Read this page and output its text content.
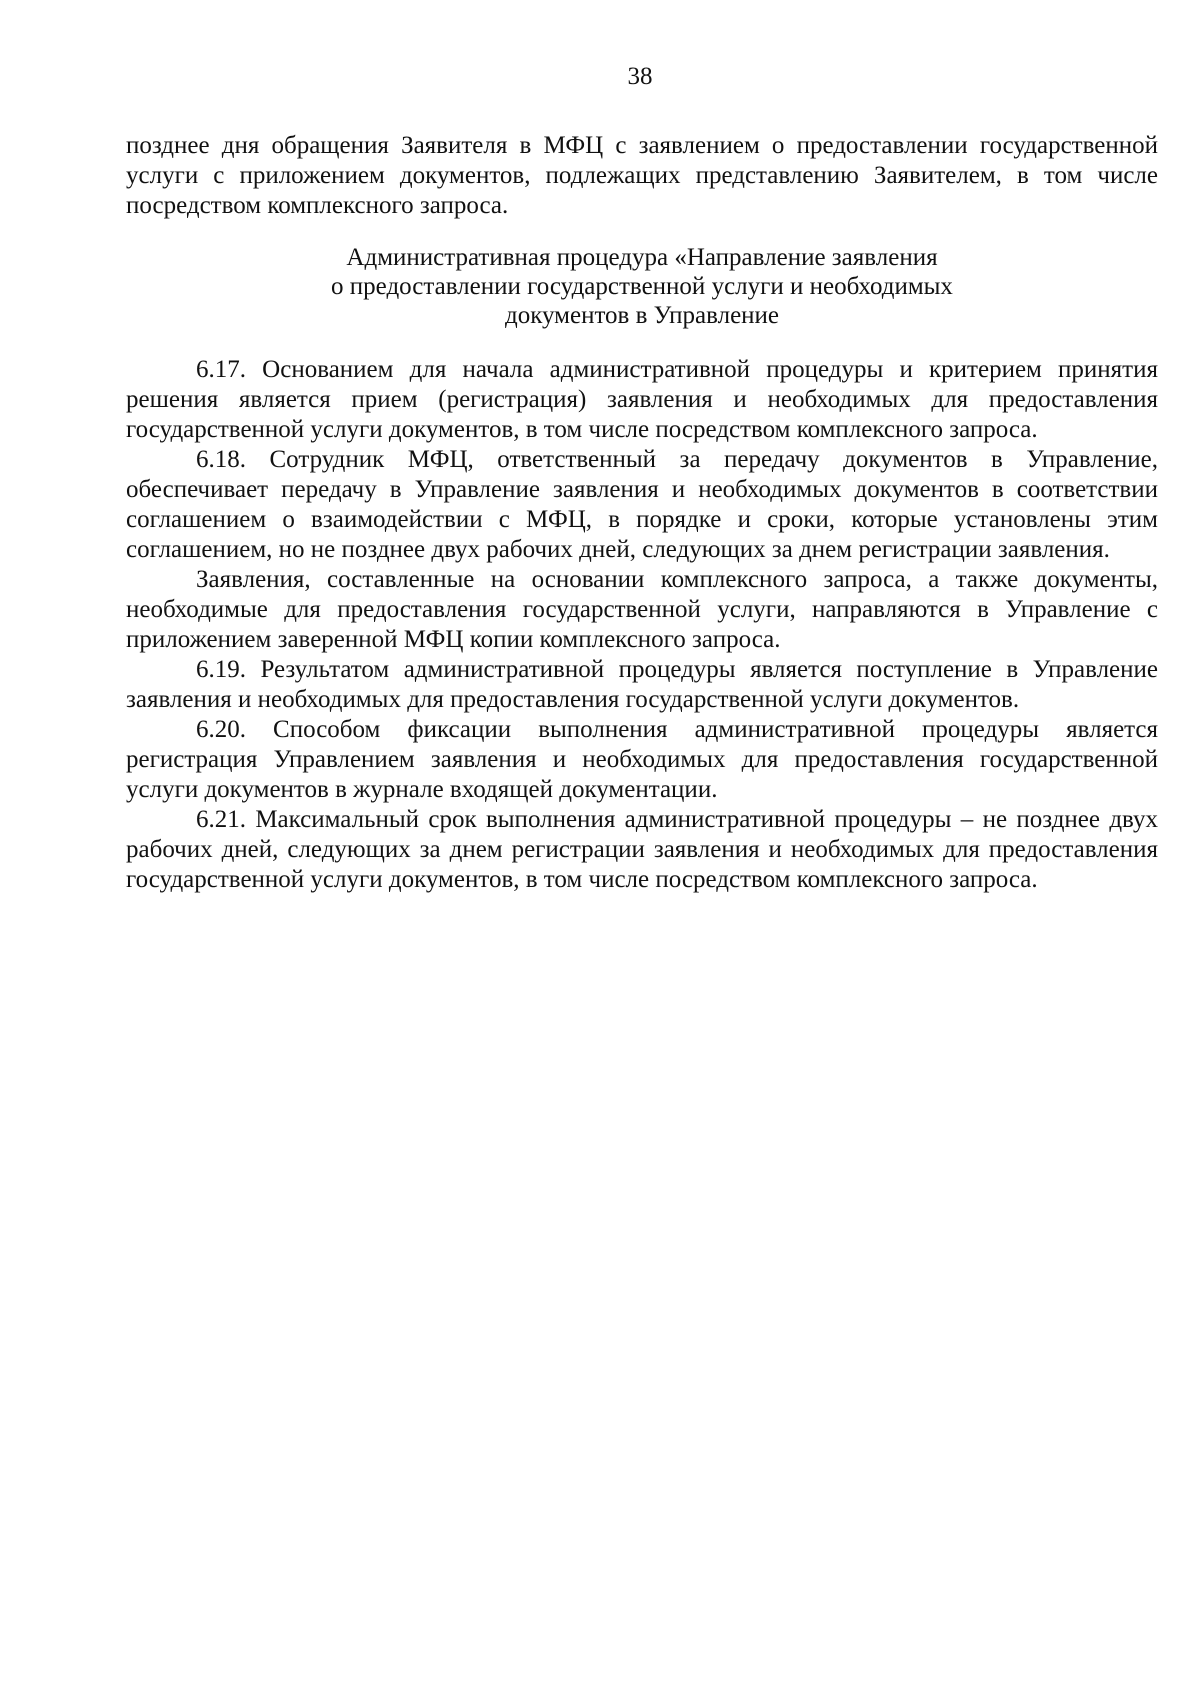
38

позднее дня обращения Заявителя в МФЦ с заявлением о предоставлении государственной услуги с приложением документов, подлежащих представлению Заявителем, в том числе посредством комплексного запроса.

Административная процедура «Направление заявления
о предоставлении государственной услуги и необходимых
документов в Управление

6.17. Основанием для начала административной процедуры и критерием принятия решения является прием (регистрация) заявления и необходимых для предоставления государственной услуги документов, в том числе посредством комплексного запроса.

6.18. Сотрудник МФЦ, ответственный за передачу документов в Управление, обеспечивает передачу в Управление заявления и необходимых документов в соответствии соглашением о взаимодействии с МФЦ, в порядке и сроки, которые установлены этим соглашением, но не позднее двух рабочих дней, следующих за днем регистрации заявления.

Заявления, составленные на основании комплексного запроса, а также документы, необходимые для предоставления государственной услуги, направляются в Управление с приложением заверенной МФЦ копии комплексного запроса.

6.19. Результатом административной процедуры является поступление в Управление заявления и необходимых для предоставления государственной услуги документов.

6.20. Способом фиксации выполнения административной процедуры является регистрация Управлением заявления и необходимых для предоставления государственной услуги документов в журнале входящей документации.

6.21. Максимальный срок выполнения административной процедуры – не позднее двух рабочих дней, следующих за днем регистрации заявления и необходимых для предоставления государственной услуги документов, в том числе посредством комплексного запроса.
